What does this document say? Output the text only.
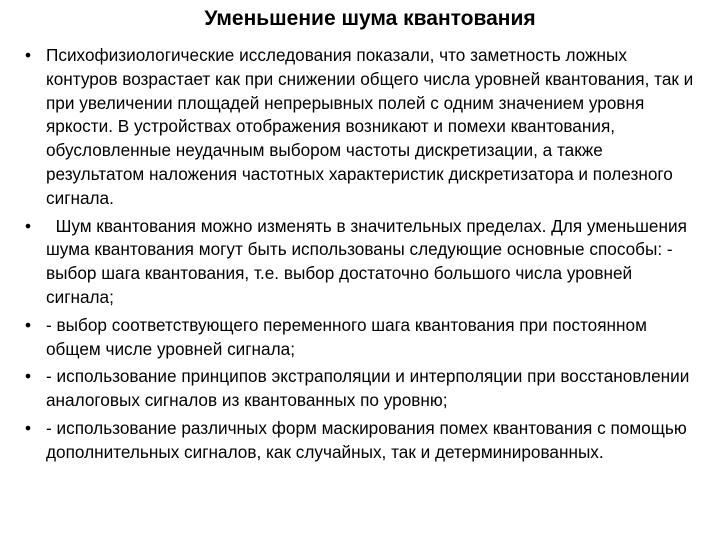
Уменьшение шума квантования
• Психофизиологические исследования показали, что заметность ложных контуров возрастает как при снижении общего числа уровней квантования, так и при увеличении площадей непрерывных полей с одним значением уровня яркости. В устройствах отображения возникают и помехи квантования, обусловленные неудачным выбором частоты дискретизации, а также результатом наложения частотных характеристик дискретизатора и полезного сигнала.
• Шум квантования можно изменять в значительных пределах. Для уменьшения шума квантования могут быть использованы следующие основные способы: - выбор шага квантования, т.е. выбор достаточно большого числа уровней сигнала;
• - выбор соответствующего переменного шага квантования при постоянном общем числе уровней сигнала;
• - использование принципов экстраполяции и интерполяции при восстановлении аналоговых сигналов из квантованных по уровню;
• - использование различных форм маскирования помех квантования с помощью дополнительных сигналов, как случайных, так и детерминированных.
